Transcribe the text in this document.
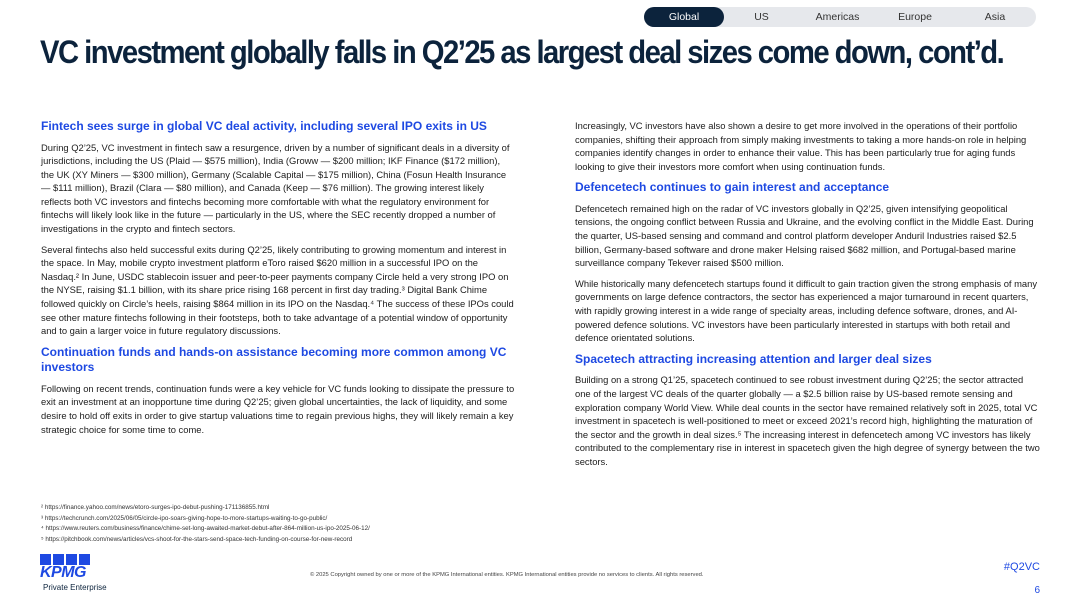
Global	US	Americas	Europe	Asia
VC investment globally falls in Q2’25 as largest deal sizes come down, cont’d.
Fintech sees surge in global VC deal activity, including several IPO exits in US

During Q2’25, VC investment in fintech saw a resurgence, driven by a number of significant deals in a diversity of jurisdictions, including the US (Plaid — $575 million), India (Groww — $200 million; IKF Finance ($172 million), the UK (XY Miners — $300 million), Germany (Scalable Capital — $175 million), China (Fosun Health Insurance — $111 million), Brazil (Clara — $80 million), and Canada (Keep — $76 million). The growing interest likely reflects both VC investors and fintechs becoming more comfortable with what the regulatory environment for fintechs will likely look like in the future — particularly in the US, where the SEC recently dropped a number of investigations in the crypto and fintech sectors.

Several fintechs also held successful exits during Q2’25, likely contributing to growing momentum and interest in the space. In May, mobile crypto investment platform eToro raised $620 million in a successful IPO on the Nasdaq.² In June, USDC stablecoin issuer and peer-to-peer payments company Circle held a very strong IPO on the NYSE, raising $1.1 billion, with its share price rising 168 percent in first day trading.³ Digital Bank Chime followed quickly on Circle’s heels, raising $864 million in its IPO on the Nasdaq.⁴ The success of these IPOs could see other mature fintechs following in their footsteps, both to take advantage of a potential window of opportunity and to gain a larger voice in future regulatory discussions.

Continuation funds and hands-on assistance becoming more common among VC investors

Following on recent trends, continuation funds were a key vehicle for VC funds looking to dissipate the pressure to exit an investment at an inopportune time during Q2’25; given global uncertainties, the lack of liquidity, and some desire to hold off exits in order to give startup valuations time to regain previous highs, they will likely remain a key strategic choice for some time to come.

Increasingly, VC investors have also shown a desire to get more involved in the operations of their portfolio companies, shifting their approach from simply making investments to taking a more hands-on role in helping companies identify changes in order to enhance their value. This has been particularly true for aging funds looking to give their investors more comfort when using continuation funds.

Defencetech continues to gain interest and acceptance

Defencetech remained high on the radar of VC investors globally in Q2’25, given intensifying geopolitical tensions, the ongoing conflict between Russia and Ukraine, and the evolving conflict in the Middle East. During the quarter, US-based sensing and command and control platform developer Anduril Industries raised $2.5 billion, Germany-based software and drone maker Helsing raised $682 million, and Portugal-based marine surveillance company Tekever raised $500 million.

While historically many defencetech startups found it difficult to gain traction given the strong emphasis of many governments on large defence contractors, the sector has experienced a major turnaround in recent quarters, with rapidly growing interest in a wide range of specialty areas, including defence software, drones, and AI-powered defence solutions. VC investors have been particularly interested in startups with both retail and defence orientated solutions.

Spacetech attracting increasing attention and larger deal sizes

Building on a strong Q1’25, spacetech continued to see robust investment during Q2’25; the sector attracted one of the largest VC deals of the quarter globally — a $2.5 billion raise by US-based remote sensing and exploration company World View. While deal counts in the sector have remained relatively soft in 2025, total VC investment in spacetech is well-positioned to meet or exceed 2021’s record high, highlighting the maturation of the sector and the growth in deal sizes.⁵ The increasing interest in defencetech among VC investors has likely contributed to the complementary rise in interest in spacetech given the high degree of synergy between the two sectors.

² https://finance.yahoo.com/news/etoro-surges-ipo-debut-pushing-171136855.html
³ https://techcrunch.com/2025/06/05/circle-ipo-soars-giving-hope-to-more-startups-waiting-to-go-public/
⁴ https://www.reuters.com/business/finance/chime-set-long-awaited-market-debut-after-864-million-us-ipo-2025-06-12/
⁵ https://pitchbook.com/news/articles/vcs-shoot-for-the-stars-send-space-tech-funding-on-course-for-new-record
KPMG
Private Enterprise
© 2025 Copyright owned by one or more of the KPMG International entities. KPMG International entities provide no services to clients. All rights reserved.
#Q2VC
6
